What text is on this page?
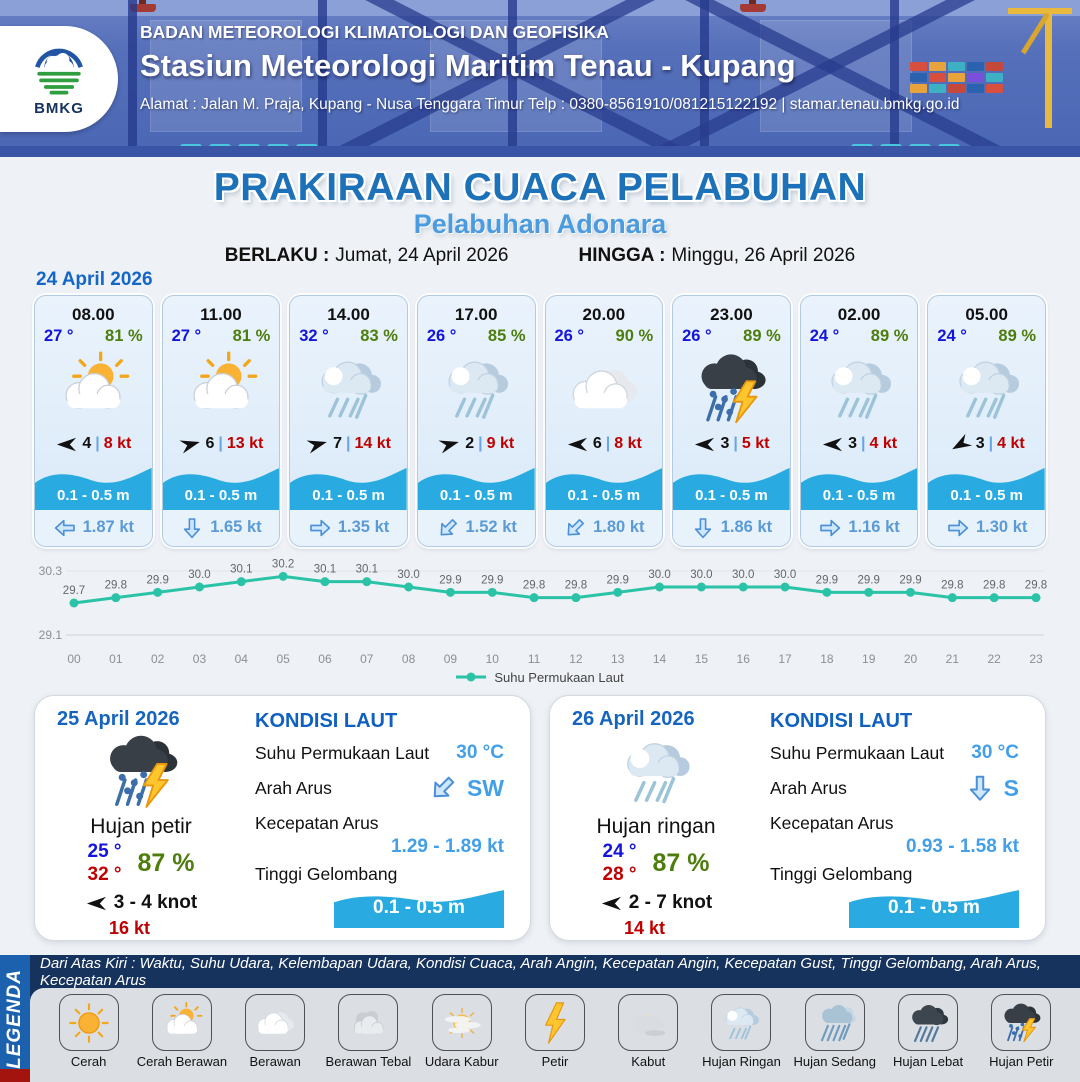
BMKG
BADAN METEOROLOGI KLIMATOLOGI DAN GEOFISIKA
Stasiun Meteorologi Maritim Tenau - Kupang
Alamat : Jalan M. Praja, Kupang - Nusa Tenggara Timur Telp : 0380-8561910/081215122192 | stamar.tenau.bmkg.go.id
PRAKIRAAN CUACA PELABUHAN
Pelabuhan Adonara
BERLAKU : Jumat, 24 April 2026	HINGGA : Minggu, 26 April 2026
24 April 2026
08.00
27 ° 81 %
4 | 8 kt
0.1 - 0.5 m
1.87 kt
11.00
27 ° 81 %
6 | 13 kt
0.1 - 0.5 m
1.65 kt
14.00
32 ° 83 %
7 | 14 kt
0.1 - 0.5 m
1.35 kt
17.00
26 ° 85 %
2 | 9 kt
0.1 - 0.5 m
1.52 kt
20.00
26 ° 90 %
6 | 8 kt
0.1 - 0.5 m
1.80 kt
23.00
26 ° 89 %
3 | 5 kt
0.1 - 0.5 m
1.86 kt
02.00
24 ° 89 %
3 | 4 kt
0.1 - 0.5 m
1.16 kt
05.00
24 ° 89 %
3 | 4 kt
0.1 - 0.5 m
1.30 kt
30.3
29.1
29.7
00
29.8
01
29.9
02
30.0
03
30.1
04
30.2
05
30.1
06
30.1
07
30.0
08
29.9
09
29.9
10
29.8
11
29.8
12
29.9
13
30.0
14
30.0
15
30.0
16
30.0
17
29.9
18
29.9
19
29.9
20
29.8
21
29.8
22
29.8
23
Suhu Permukaan Laut
25 April 2026
Hujan petir
25 °
32 ° 87 %
3 - 4 knot
16 kt
KONDISI LAUT
Suhu Permukaan Laut 30 °C
Arah Arus	SW
Kecepatan Arus
1.29 - 1.89 kt
Tinggi Gelombang
0.1 - 0.5 m
26 April 2026
Hujan ringan
24 °
28 ° 87 %
2 - 7 knot
14 kt
KONDISI LAUT
Suhu Permukaan Laut 30 °C
Arah Arus	S
Kecepatan Arus
0.93 - 1.58 kt
Tinggi Gelombang
0.1 - 0.5 m
LEGENDA
Dari Atas Kiri : Waktu, Suhu Udara, Kelembapan Udara, Kondisi Cuaca, Arah Angin, Kecepatan Angin, Kecepatan Gust, Tinggi Gelombang, Arah Arus, Kecepatan Arus
Cerah Cerah Berawan Berawan Berawan Tebal Udara Kabur	Petir	Kabut	Hujan Ringan Hujan Sedang Hujan Lebat Hujan Petir
